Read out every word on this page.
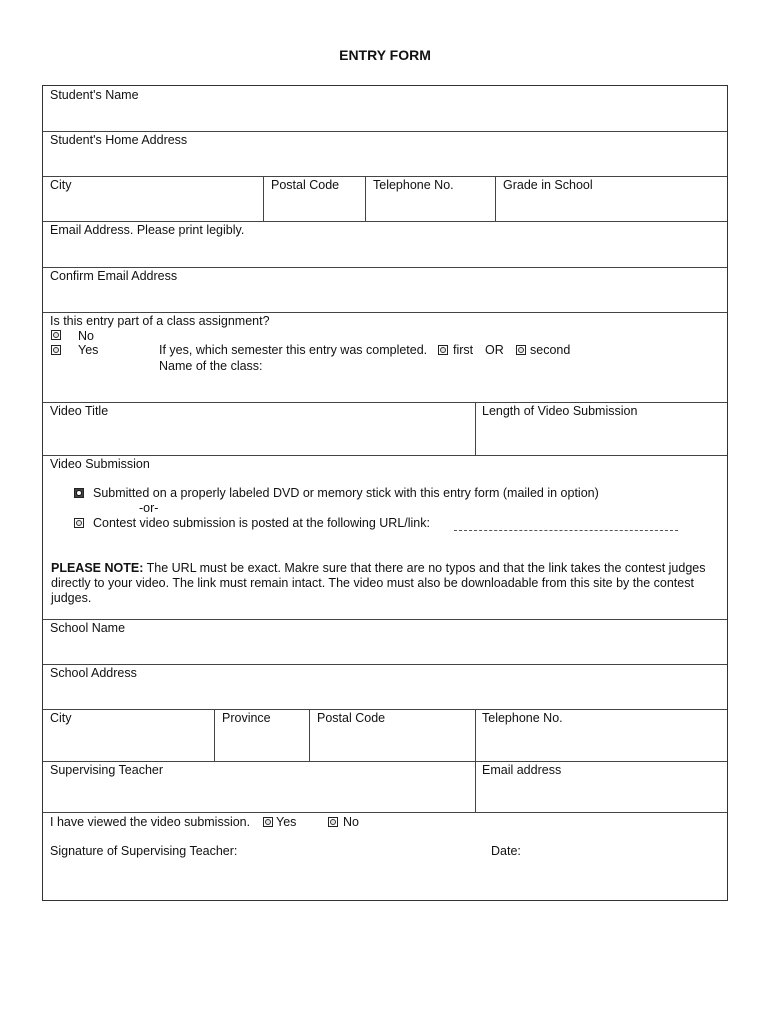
ENTRY FORM
Student's Name
Student's Home Address
City	Postal Code	Telephone No.	Grade in School
Email Address. Please print legibly.
Confirm Email Address
Is this entry part of a class assignment?
No
Yes	If yes, which semester this entry was completed. first OR second
Name of the class:
Video Title	Length of Video Submission
Video Submission
Submitted on a properly labeled DVD or memory stick with this entry form (mailed in option)
-or-
Contest video submission is posted at the following URL/link:
PLEASE NOTE: The URL must be exact. Makre sure that there are no typos and that the link takes the contest judges directly to your video. The link must remain intact. The video must also be downloadable from this site by the contest judges.
School Name
School Address
City	Province	Postal Code	Telephone No.
Supervising Teacher	Email address
I have viewed the video submission. Yes	No
Signature of Supervising Teacher:	Date:
